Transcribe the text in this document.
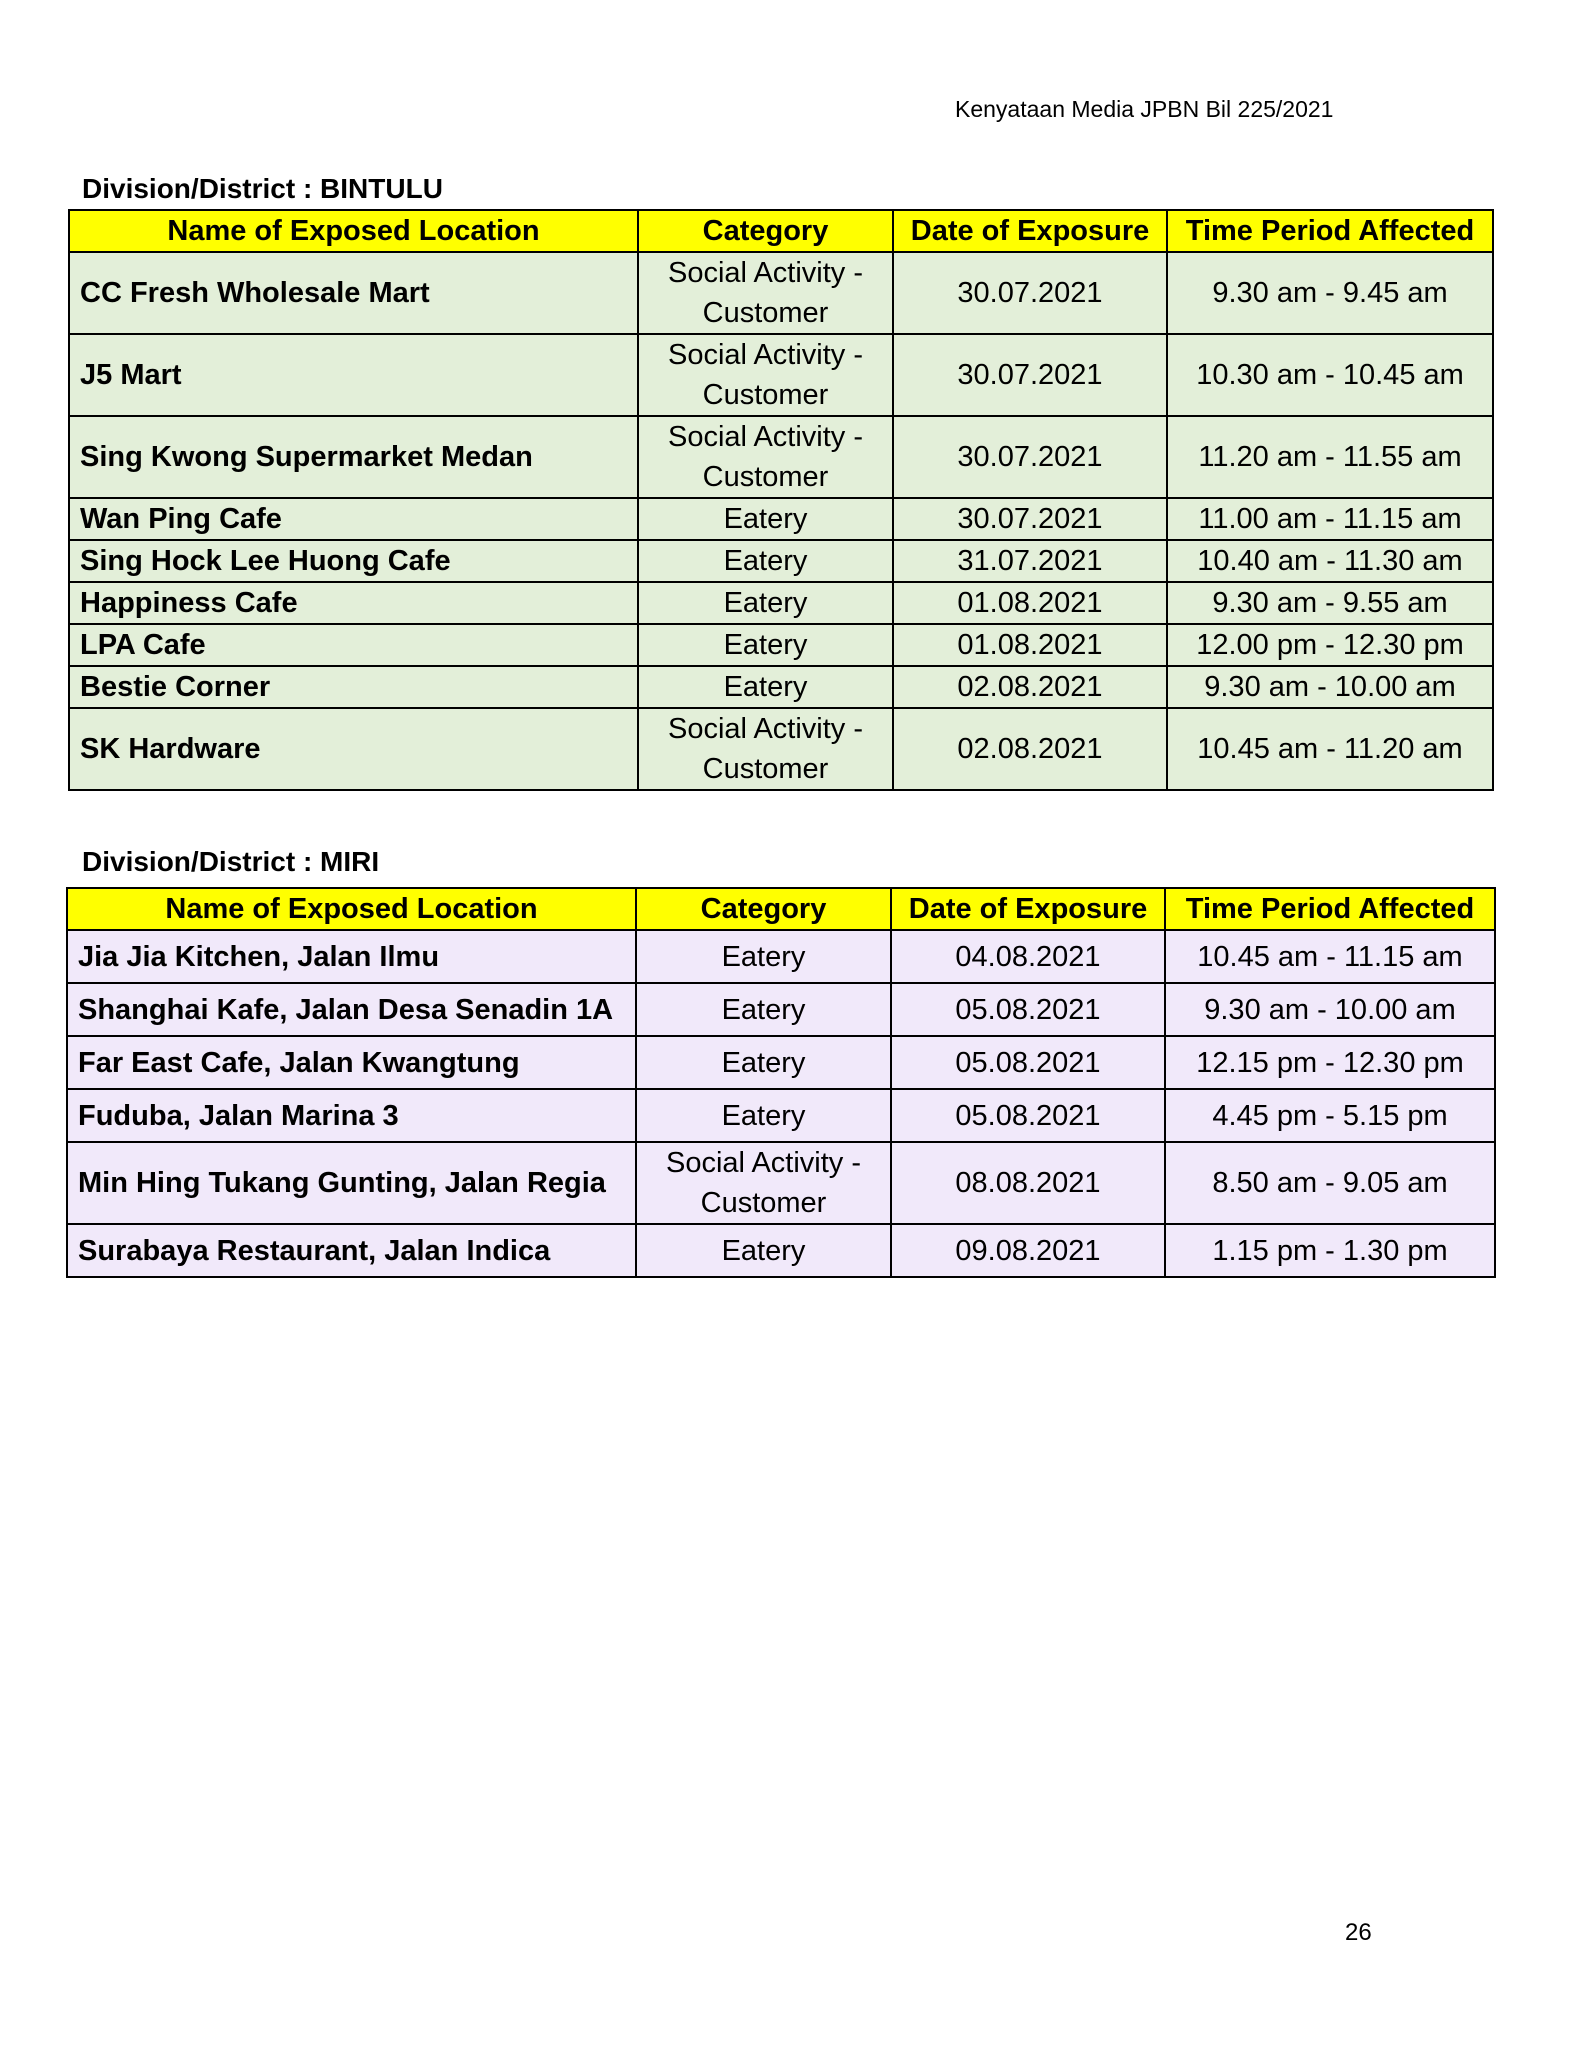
Kenyataan Media JPBN Bil 225/2021
Division/District : BINTULU
Name of Exposed Location	Category	Date of Exposure	Time Period Affected
CC Fresh Wholesale Mart	Social Activity - Customer	30.07.2021	9.30 am - 9.45 am
J5 Mart	Social Activity - Customer	30.07.2021	10.30 am - 10.45 am
Sing Kwong Supermarket Medan	Social Activity - Customer	30.07.2021	11.20 am - 11.55 am
Wan Ping Cafe	Eatery	30.07.2021	11.00 am - 11.15 am
Sing Hock Lee Huong Cafe	Eatery	31.07.2021	10.40 am - 11.30 am
Happiness Cafe	Eatery	01.08.2021	9.30 am - 9.55 am
LPA Cafe	Eatery	01.08.2021	12.00 pm - 12.30 pm
Bestie Corner	Eatery	02.08.2021	9.30 am - 10.00 am
SK Hardware	Social Activity - Customer	02.08.2021	10.45 am - 11.20 am
Division/District : MIRI
Name of Exposed Location	Category	Date of Exposure	Time Period Affected
Jia Jia Kitchen, Jalan Ilmu	Eatery	04.08.2021	10.45 am - 11.15 am
Shanghai Kafe, Jalan Desa Senadin 1A	Eatery	05.08.2021	9.30 am - 10.00 am
Far East Cafe, Jalan Kwangtung	Eatery	05.08.2021	12.15 pm - 12.30 pm
Fuduba, Jalan Marina 3	Eatery	05.08.2021	4.45 pm - 5.15 pm
Min Hing Tukang Gunting, Jalan Regia	Social Activity - Customer	08.08.2021	8.50 am - 9.05 am
Surabaya Restaurant, Jalan Indica	Eatery	09.08.2021	1.15 pm - 1.30 pm
26
